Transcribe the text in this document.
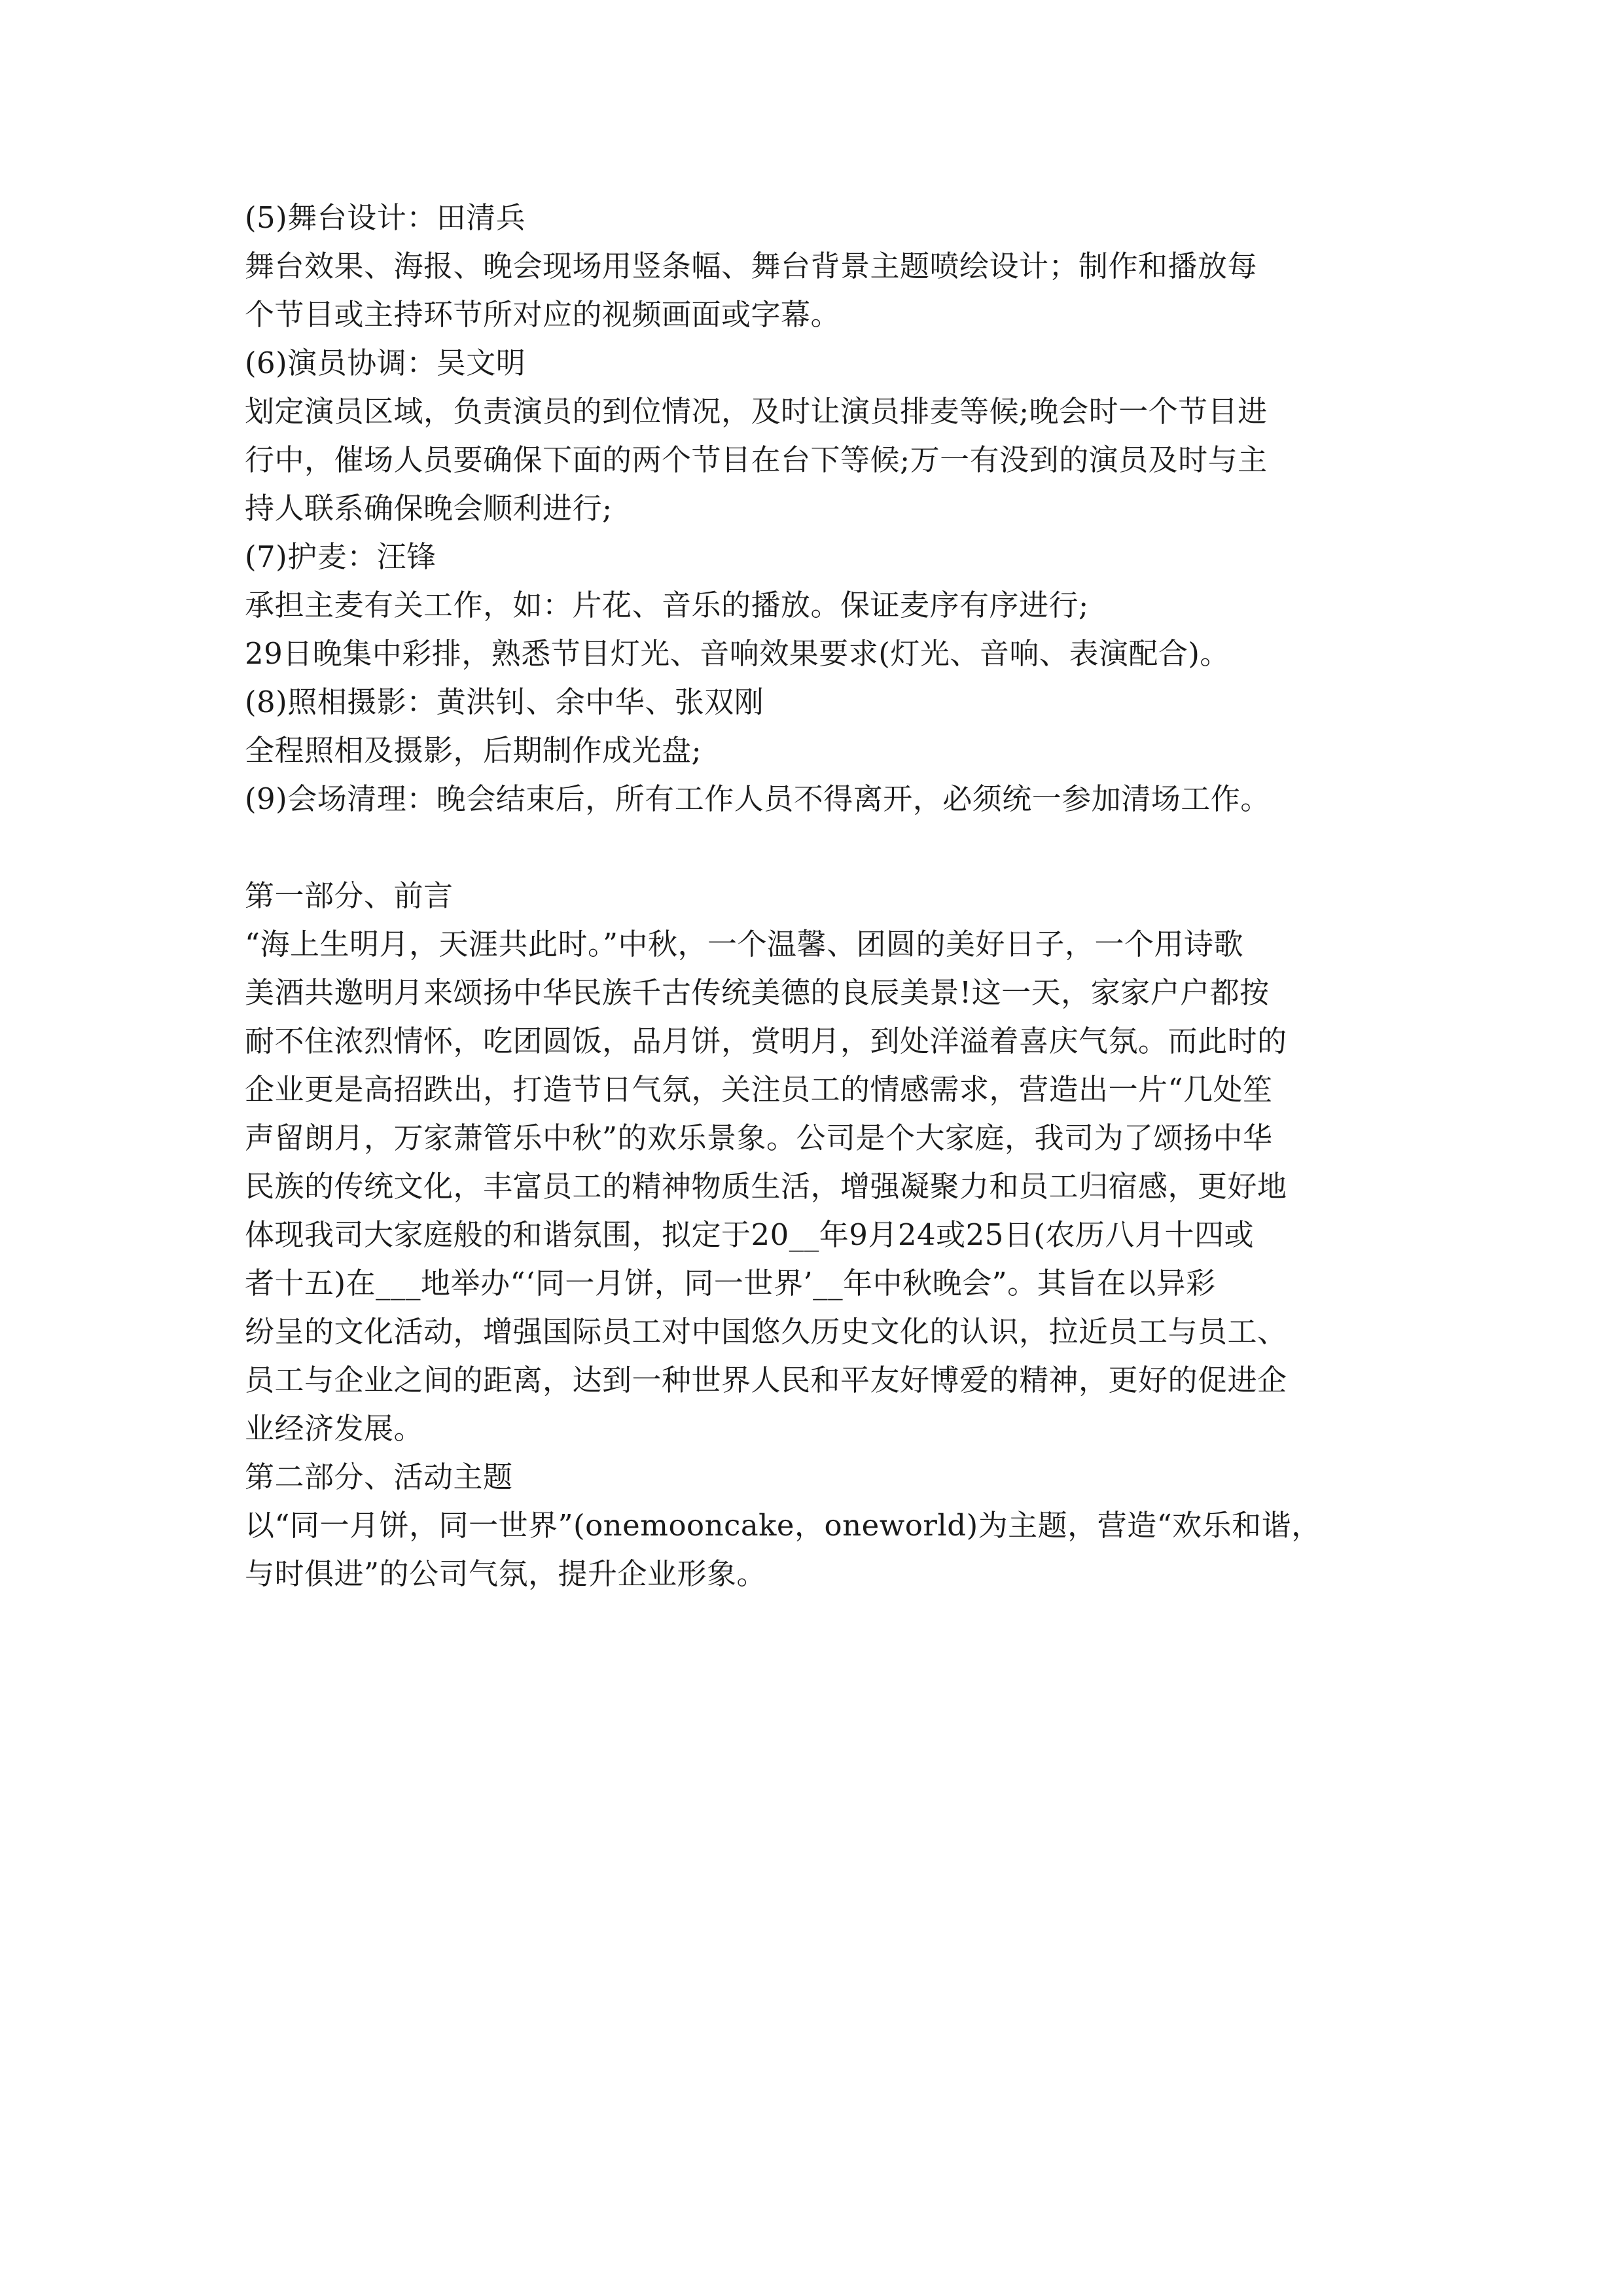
(5)舞台设计：田清兵
舞台效果、海报、晚会现场用竖条幅、舞台背景主题喷绘设计；制作和播放每
个节目或主持环节所对应的视频画面或字幕。
(6)演员协调：吴文明
划定演员区域，负责演员的到位情况，及时让演员排麦等候;晚会时一个节目进
行中，催场人员要确保下面的两个节目在台下等候;万一有没到的演员及时与主
持人联系确保晚会顺利进行;
(7)护麦：汪锋
承担主麦有关工作，如：片花、音乐的播放。保证麦序有序进行;
29日晚集中彩排，熟悉节目灯光、音响效果要求(灯光、音响、表演配合)。
(8)照相摄影：黄洪钊、余中华、张双刚
全程照相及摄影，后期制作成光盘;
(9)会场清理：晚会结束后，所有工作人员不得离开，必须统一参加清场工作。
第一部分、前言
“海上生明月，天涯共此时。”中秋，一个温馨、团圆的美好日子，一个用诗歌
美酒共邀明月来颂扬中华民族千古传统美德的良辰美景!这一天，家家户户都按
耐不住浓烈情怀，吃团圆饭，品月饼，赏明月，到处洋溢着喜庆气氛。而此时的
企业更是高招跌出，打造节日气氛，关注员工的情感需求，营造出一片“几处笙
声留朗月，万家萧管乐中秋”的欢乐景象。公司是个大家庭，我司为了颂扬中华
民族的传统文化，丰富员工的精神物质生活，增强凝聚力和员工归宿感，更好地
体现我司大家庭般的和谐氛围，拟定于20__年9月24或25日(农历八月十四或
者十五)在___地举办“‘同一月饼，同一世界’__年中秋晚会”。其旨在以异彩
纷呈的文化活动，增强国际员工对中国悠久历史文化的认识，拉近员工与员工、
员工与企业之间的距离，达到一种世界人民和平友好博爱的精神，更好的促进企
业经济发展。
第二部分、活动主题
以“同一月饼，同一世界”(onemooncake，oneworld)为主题，营造“欢乐和谐，
与时俱进”的公司气氛，提升企业形象。
